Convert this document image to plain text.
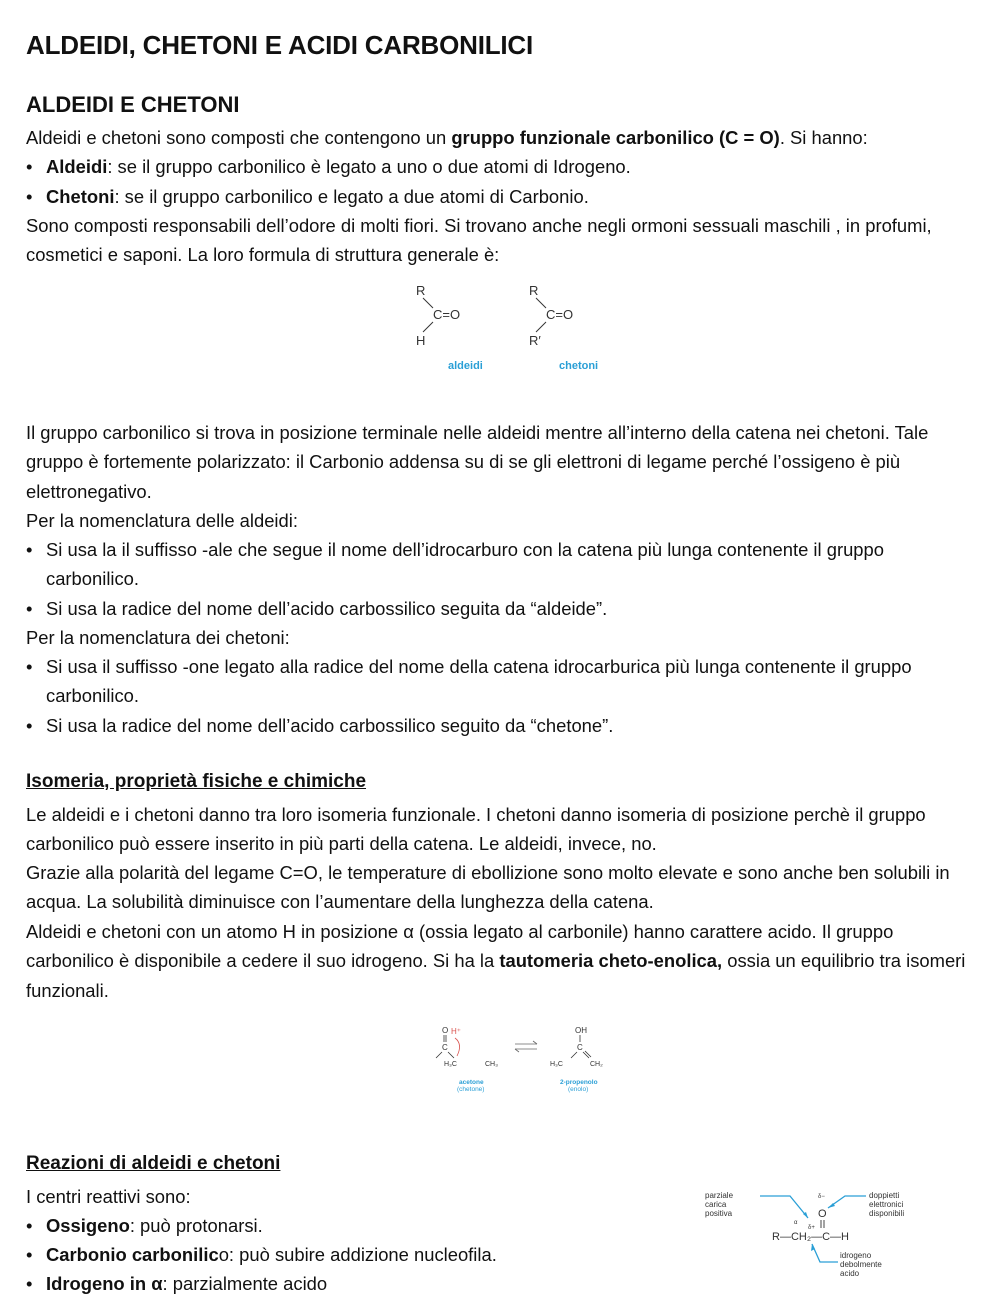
ALDEIDI, CHETONI E ACIDI CARBONILICI
ALDEIDI E CHETONI
Aldeidi e chetoni sono composti che contengono un gruppo funzionale carbonilico (C = O). Si hanno:
• Aldeidi: se il gruppo carbonilico è legato a uno o due atomi di Idrogeno.
• Chetoni: se il gruppo carbonilico e legato a due atomi di Carbonio.
Sono composti responsabili dell’odore di molti fiori. Si trovano anche negli ormoni sessuali maschili , in profumi, cosmetici e saponi. La loro formula di struttura generale è:
R
C=O
H
aldeidi
R
C=O
R′
chetoni
Il gruppo carbonilico si trova in posizione terminale nelle aldeidi mentre all’interno della catena nei chetoni. Tale gruppo è fortemente polarizzato: il Carbonio addensa su di se gli elettroni di legame perché l’ossigeno è più elettronegativo.
Per la nomenclatura delle aldeidi:
• Si usa la il suffisso -ale che segue il nome dell’idrocarburo con la catena più lunga contenente il gruppo carbonilico.
• Si usa la radice del nome dell’acido carbossilico seguita da “aldeide”.
Per la nomenclatura dei chetoni:
• Si usa il suffisso -one legato alla radice del nome della catena idrocarburica più lunga contenente il gruppo carbonilico.
• Si usa la radice del nome dell’acido carbossilico seguito da “chetone”.
Isomeria, proprietà fisiche e chimiche
Le aldeidi e i chetoni danno tra loro isomeria funzionale. I chetoni danno isomeria di posizione perchè il gruppo carbonilico può essere inserito in più parti della catena. Le aldeidi, invece, no.
Grazie alla polarità del legame C=O, le temperature di ebollizione sono molto elevate e sono anche ben solubili in acqua. La solubilità diminuisce con l’aumentare della lunghezza della catena.
Aldeidi e chetoni con un atomo H in posizione α (ossia legato al carbonile) hanno carattere acido. Il gruppo carbonilico è disponibile a cedere il suo idrogeno. Si ha la tautomeria cheto-enolica, ossia un equilibrio tra isomeri funzionali.
O H⁺
C
H₃C	CH₃
acetone
(chetone)
OH
C
H₃C	CH₂
2-propenolo
(enolo)
Reazioni di aldeidi e chetoni
I centri reattivi sono:
• Ossigeno: può protonarsi.
• Carbonio carbonilico: può subire addizione nucleofila.
• Idrogeno in α: parzialmente acido
parziale
carica
positiva
doppietti
elettronici
disponibili
δ−
O
α
δ+
R—CH₂—C—H
idrogeno
debolmente
acido
